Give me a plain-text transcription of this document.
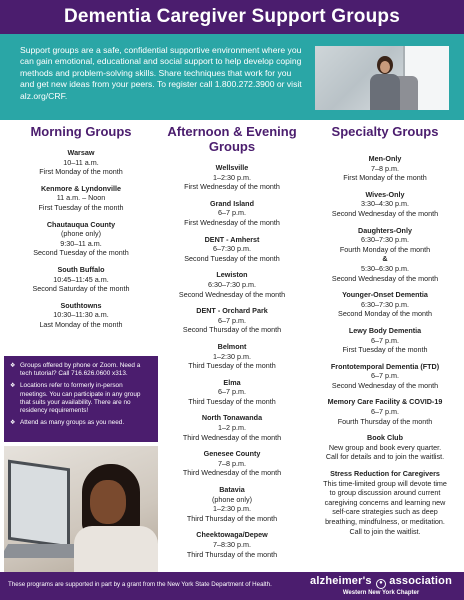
Dementia Caregiver Support Groups

Support groups are a safe, confidential supportive environment where you can gain emotional, educational and social support to help develop coping methods and problem-solving skills. Share techniques that work for you and get new ideas from your peers. To register call 1.800.272.3900 or visit alz.org/CRF.

Morning Groups
Warsaw
10–11 a.m.
First Monday of the month
Kenmore & Lyndonville
11 a.m. – Noon
First Tuesday of the month
Chautauqua County
(phone only)
9:30–11 a.m.
Second Tuesday of the month
South Buffalo
10:45–11:45 a.m.
Second Saturday of the month
Southtowns
10:30–11:30 a.m.
Last Monday of the month
Afternoon & Evening Groups
Wellsville
1–2:30 p.m.
First Wednesday of the month
Grand Island
6–7 p.m.
First Wednesday of the month
DENT - Amherst
6–7:30 p.m.
Second Tuesday of the month
Lewiston
6:30–7:30 p.m.
Second Wednesday of the month
DENT - Orchard Park
6–7 p.m.
Second Thursday of the month
Belmont
1–2:30 p.m.
Third Tuesday of the month
Elma
6–7 p.m.
Third Tuesday of the month
North Tonawanda
1–2 p.m.
Third Wednesday of the month
Genesee County
7–8 p.m.
Third Wednesday of the month
Batavia
(phone only)
1–2:30 p.m.
Third Thursday of the month
Cheektowaga/Depew
7–8:30 p.m.
Third Thursday of the month
Specialty Groups
Men-Only
7–8 p.m.
First Monday of the month
Wives-Only
3:30–4:30 p.m.
Second Wednesday of the month
Daughters-Only
6:30–7:30 p.m.
Fourth Monday of the month
&
5:30–6:30 p.m.
Second Wednesday of the month
Younger-Onset Dementia
6:30–7:30 p.m.
Second Monday of the month
Lewy Body Dementia
6–7 p.m.
First Tuesday of the month
Frontotemporal Dementia (FTD)
6–7 p.m.
Second Wednesday of the month
Memory Care Facility & COVID-19
6–7 p.m.
Fourth Thursday of the month
Book Club
New group and book every quarter.
Call for details and to join the waitlist.
Stress Reduction for Caregivers
This time-limited group will devote time
to group discussion around current
caregiving concerns and learning new
self-care strategies such as deep
breathing, mindfulness, or meditation.
Call to join the waitlist.
❖ Groups offered by phone or Zoom. Need a tech tutorial? Call 716.626.0600 x313.
❖ Locations refer to formerly in-person meetings. You can participate in any group that suits your availability. There are no residency requirements!
❖ Attend as many groups as you need.
These programs are supported in part by a grant from the New York State Department of Health.	alzheimer's ● association
Western New York Chapter
